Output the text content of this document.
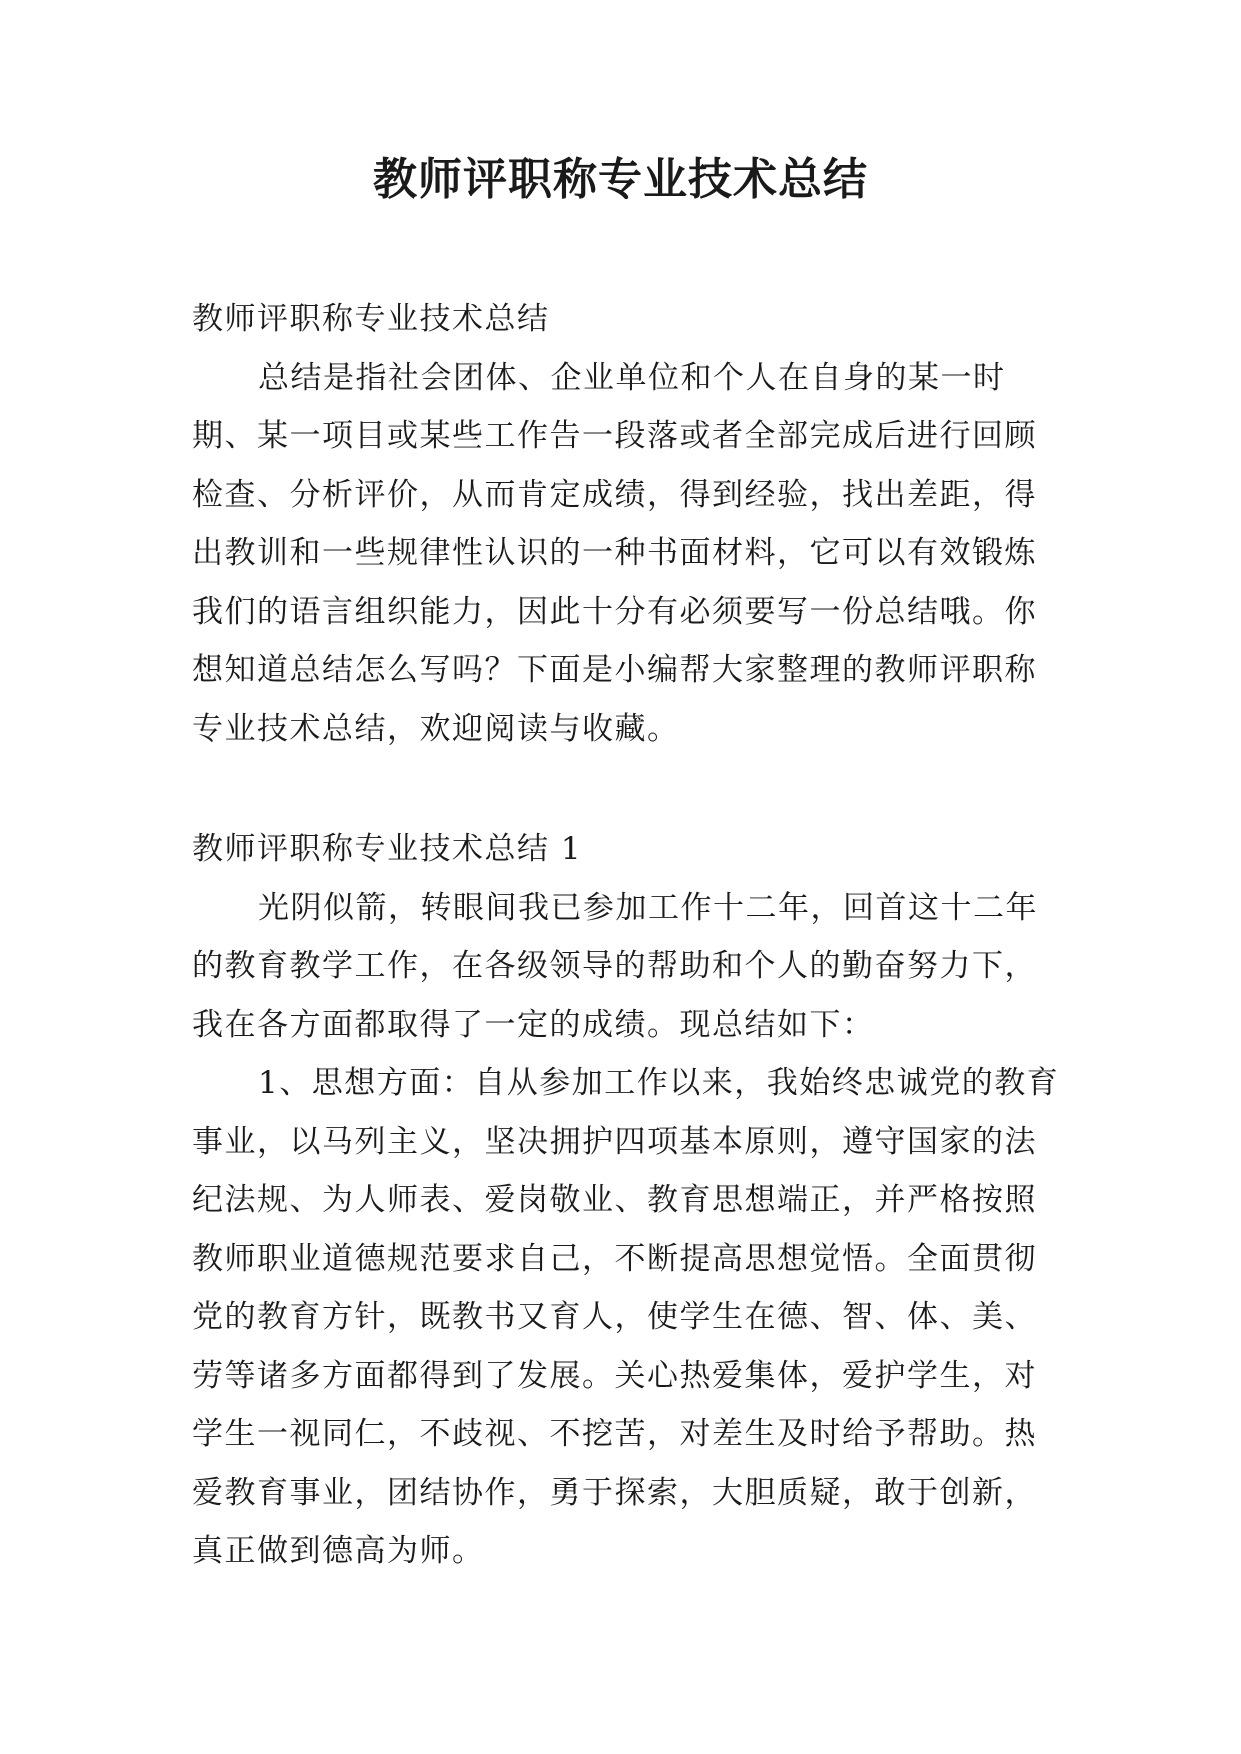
教师评职称专业技术总结

教师评职称专业技术总结

总结是指社会团体、企业单位和个人在自身的某一时期、某一项目或某些工作告一段落或者全部完成后进行回顾检查、分析评价，从而肯定成绩，得到经验，找出差距，得出教训和一些规律性认识的一种书面材料，它可以有效锻炼我们的语言组织能力，因此十分有必须要写一份总结哦。你想知道总结怎么写吗？下面是小编帮大家整理的教师评职称专业技术总结，欢迎阅读与收藏。

教师评职称专业技术总结 1

光阴似箭，转眼间我已参加工作十二年，回首这十二年的教育教学工作，在各级领导的帮助和个人的勤奋努力下，我在各方面都取得了一定的成绩。现总结如下：

1、思想方面：自从参加工作以来，我始终忠诚党的教育事业，以马列主义，坚决拥护四项基本原则，遵守国家的法纪法规、为人师表、爱岗敬业、教育思想端正，并严格按照教师职业道德规范要求自己，不断提高思想觉悟。全面贯彻党的教育方针，既教书又育人，使学生在德、智、体、美、劳等诸多方面都得到了发展。关心热爱集体，爱护学生，对学生一视同仁，不歧视、不挖苦，对差生及时给予帮助。热爱教育事业，团结协作，勇于探索，大胆质疑，敢于创新，真正做到德高为师。
